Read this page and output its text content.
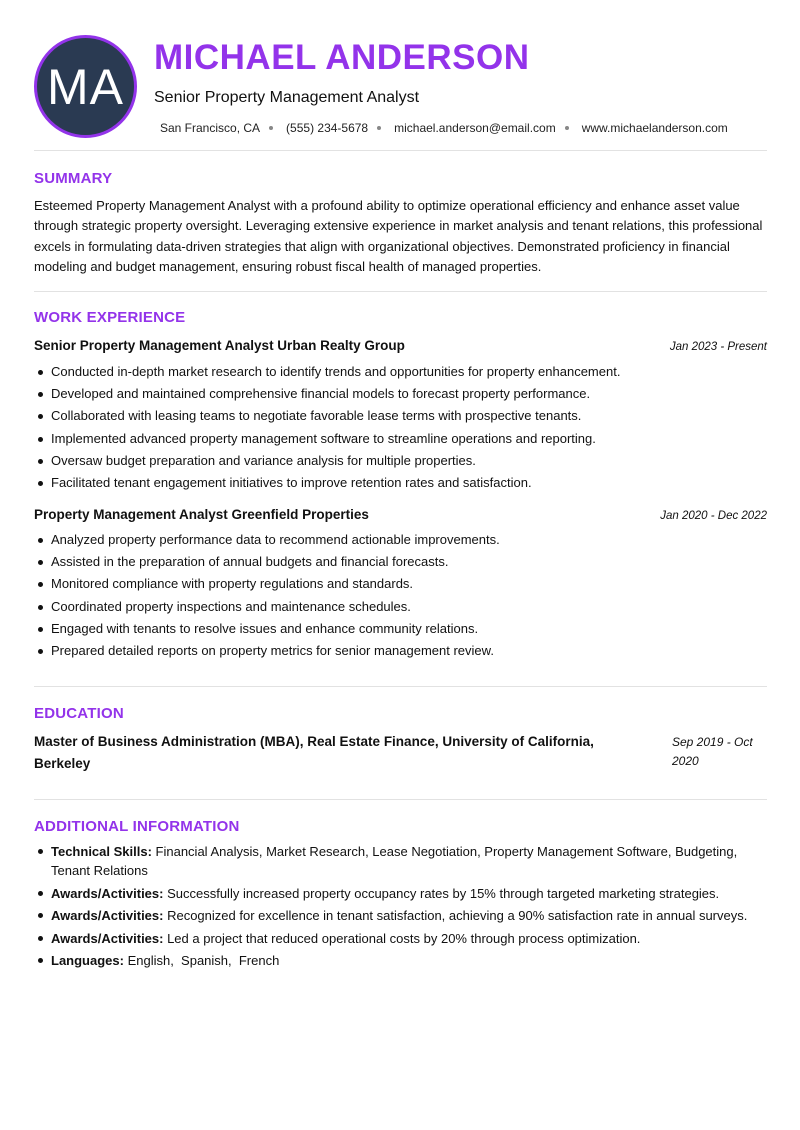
MA
MICHAEL ANDERSON
Senior Property Management Analyst
San Francisco, CA (555) 234-5678 michael.anderson@email.com www.michaelanderson.com
SUMMARY

Esteemed Property Management Analyst with a profound ability to optimize operational efficiency and enhance asset value through strategic property oversight. Leveraging extensive experience in market analysis and tenant relations, this professional excels in formulating data-driven strategies that align with organizational objectives. Demonstrated proficiency in financial modeling and budget management, ensuring robust fiscal health of managed properties.

WORK EXPERIENCE
Senior Property Management Analyst Urban Realty Group	Jan 2023 - Present
Conducted in-depth market research to identify trends and opportunities for property enhancement.
Developed and maintained comprehensive financial models to forecast property performance.
Collaborated with leasing teams to negotiate favorable lease terms with prospective tenants.
Implemented advanced property management software to streamline operations and reporting.
Oversaw budget preparation and variance analysis for multiple properties.
Facilitated tenant engagement initiatives to improve retention rates and satisfaction.
Property Management Analyst Greenfield Properties	Jan 2020 - Dec 2022
Analyzed property performance data to recommend actionable improvements.
Assisted in the preparation of annual budgets and financial forecasts.
Monitored compliance with property regulations and standards.
Coordinated property inspections and maintenance schedules.
Engaged with tenants to resolve issues and enhance community relations.
Prepared detailed reports on property metrics for senior management review.
EDUCATION
Master of Business Administration (MBA), Real Estate Finance, University of California, Berkeley
Sep 2019 - Oct 2020
ADDITIONAL INFORMATION
Technical Skills: Financial Analysis, Market Research, Lease Negotiation, Property Management Software, Budgeting, Tenant Relations
Awards/Activities: Successfully increased property occupancy rates by 15% through targeted marketing strategies.
Awards/Activities: Recognized for excellence in tenant satisfaction, achieving a 90% satisfaction rate in annual surveys.
Awards/Activities: Led a project that reduced operational costs by 20% through process optimization.
Languages: English,  Spanish,  French
